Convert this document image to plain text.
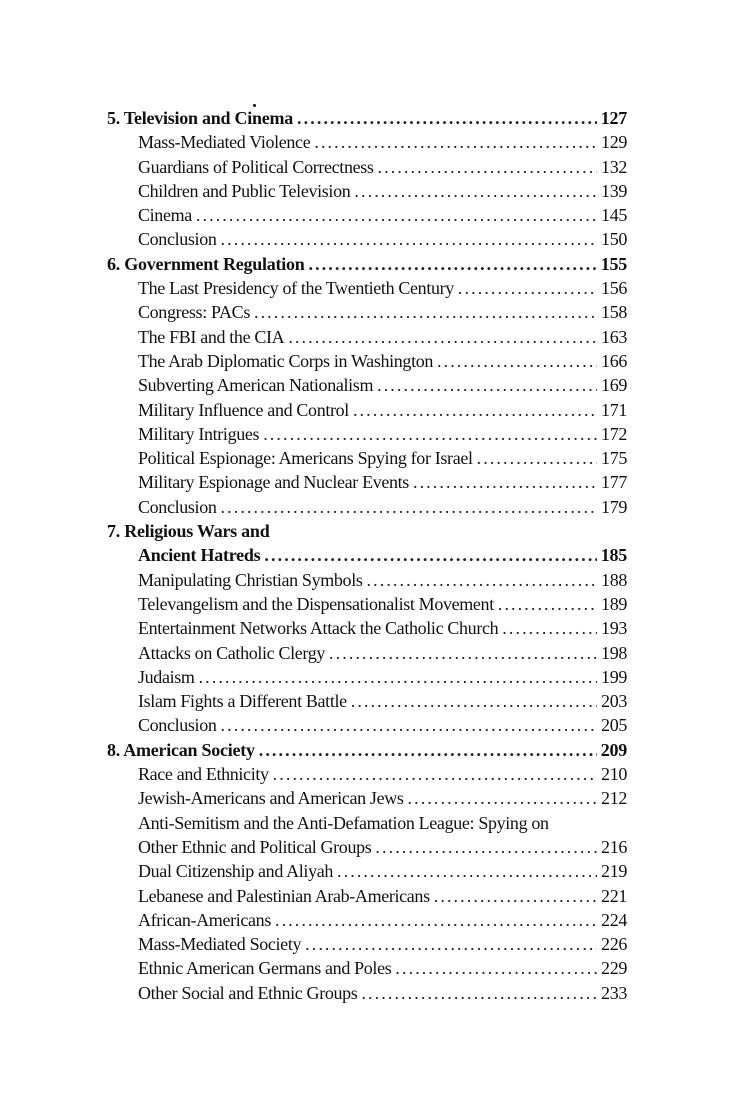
5. Television and Cinema . . .	127
Mass-Mediated Violence . . .	129
Guardians of Political Correctness . . .	132
Children and Public Television . . .	139
Cinema . . .	145
Conclusion . . .	150
6. Government Regulation . . .	155
The Last Presidency of the Twentieth Century . . .	156
Congress: PACs . . .	158
The FBI and the CIA . . .	163
The Arab Diplomatic Corps in Washington . . .	166
Subverting American Nationalism . . .	169
Military Influence and Control . . .	171
Military Intrigues . . .	172
Political Espionage: Americans Spying for Israel . . .	175
Military Espionage and Nuclear Events . . .	177
Conclusion . . .	179
7. Religious Wars and
Ancient Hatreds . . .	185
Manipulating Christian Symbols . . .	188
Televangelism and the Dispensationalist Movement . . .	189
Entertainment Networks Attack the Catholic Church . . .	193
Attacks on Catholic Clergy . . .	198
Judaism . . .	199
Islam Fights a Different Battle . . .	203
Conclusion . . .	205
8. American Society . . .	209
Race and Ethnicity . . .	210
Jewish-Americans and American Jews . . .	212
Anti-Semitism and the Anti-Defamation League: Spying on
Other Ethnic and Political Groups . . .	216
Dual Citizenship and Aliyah . . .	219
Lebanese and Palestinian Arab-Americans . . .	221
African-Americans . . .	224
Mass-Mediated Society . . .	226
Ethnic American Germans and Poles . . .	229
Other Social and Ethnic Groups . . .	233
